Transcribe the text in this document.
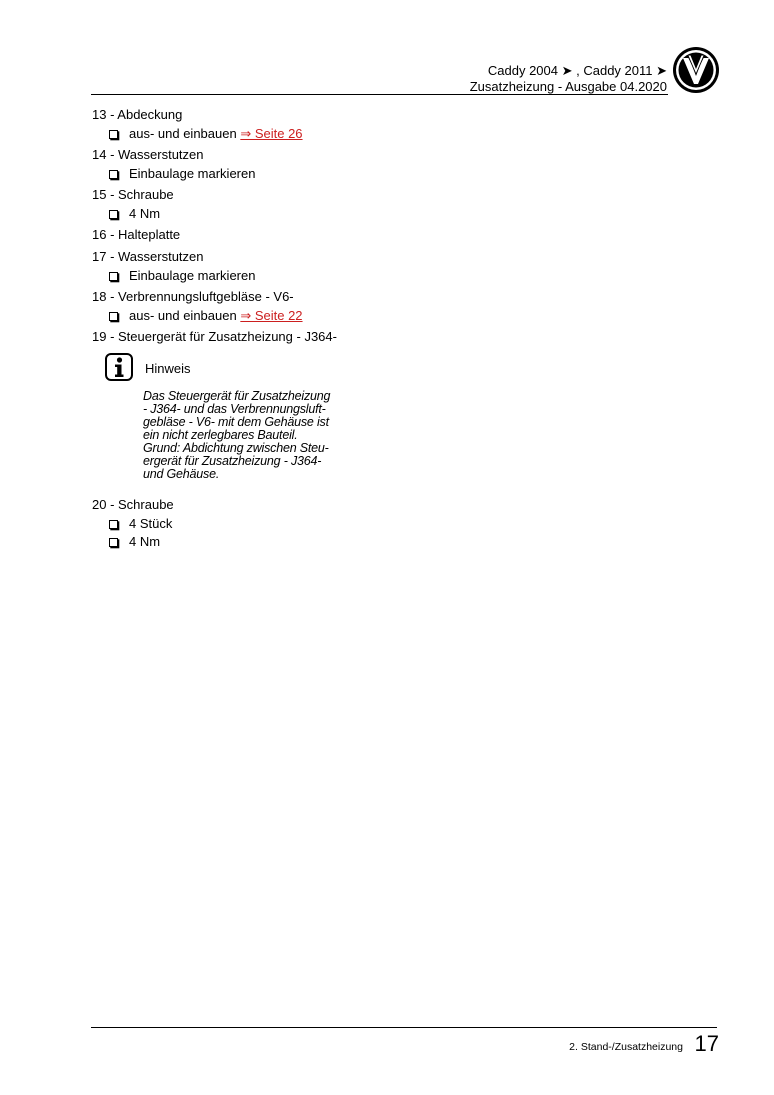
Caddy 2004 ➤ , Caddy 2011 ➤
Zusatzheizung - Ausgabe 04.2020
13 - Abdeckung
aus- und einbauen
⇒ Seite 26
14 - Wasserstutzen
Einbaulage markieren
15 - Schraube
4 Nm
16 - Halteplatte
17 - Wasserstutzen
Einbaulage markieren
18 - Verbrennungsluftgebläse - V6-
aus- und einbauen
⇒ Seite 22
19 - Steuergerät für Zusatzheizung - J364-
Hinweis
Das Steuergerät für Zusatzheizung
- J364- und das Verbrennungsluft-
gebläse - V6- mit dem Gehäuse ist
ein nicht zerlegbares Bauteil.
Grund: Abdichtung zwischen Steu-
ergerät für Zusatzheizung - J364-
und Gehäuse.
20 - Schraube
4 Stück
4 Nm
2. Stand-/Zusatzheizung 17
